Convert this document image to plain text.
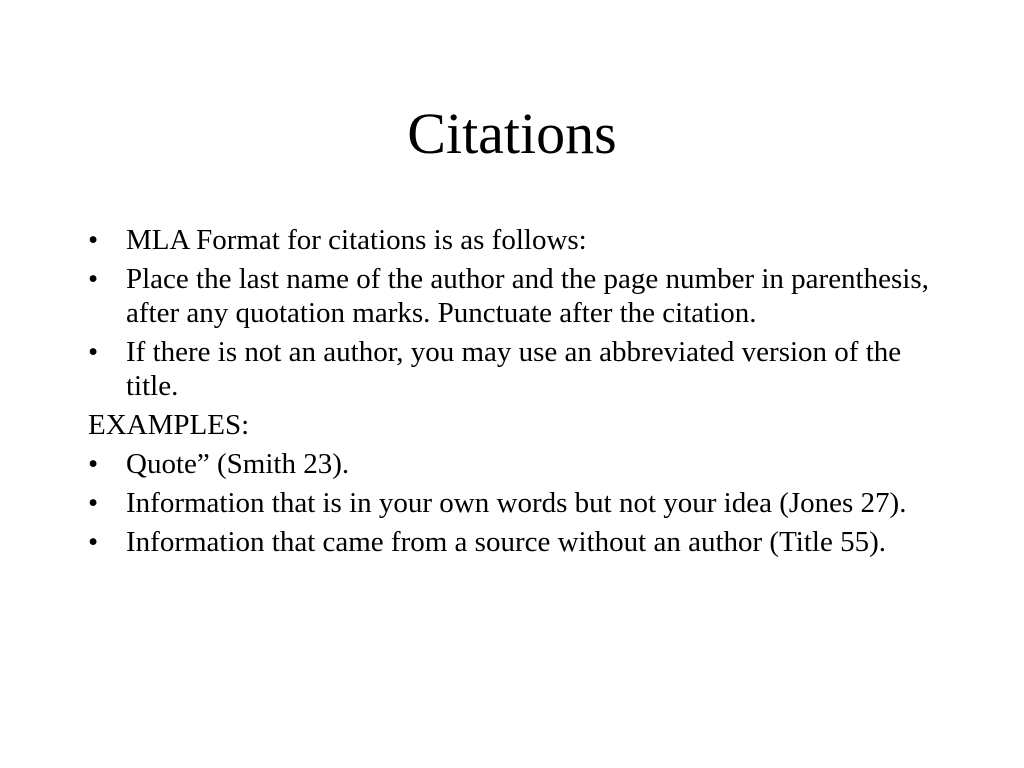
Citations
• MLA Format for citations is as follows:
• Place the last name of the author and the page number in parenthesis, after any quotation marks. Punctuate after the citation.
• If there is not an author, you may use an abbreviated version of the title.
EXAMPLES:
• Quote” (Smith 23).
• Information that is in your own words but not your idea (Jones 27).
• Information that came from a source without an author (Title 55).
